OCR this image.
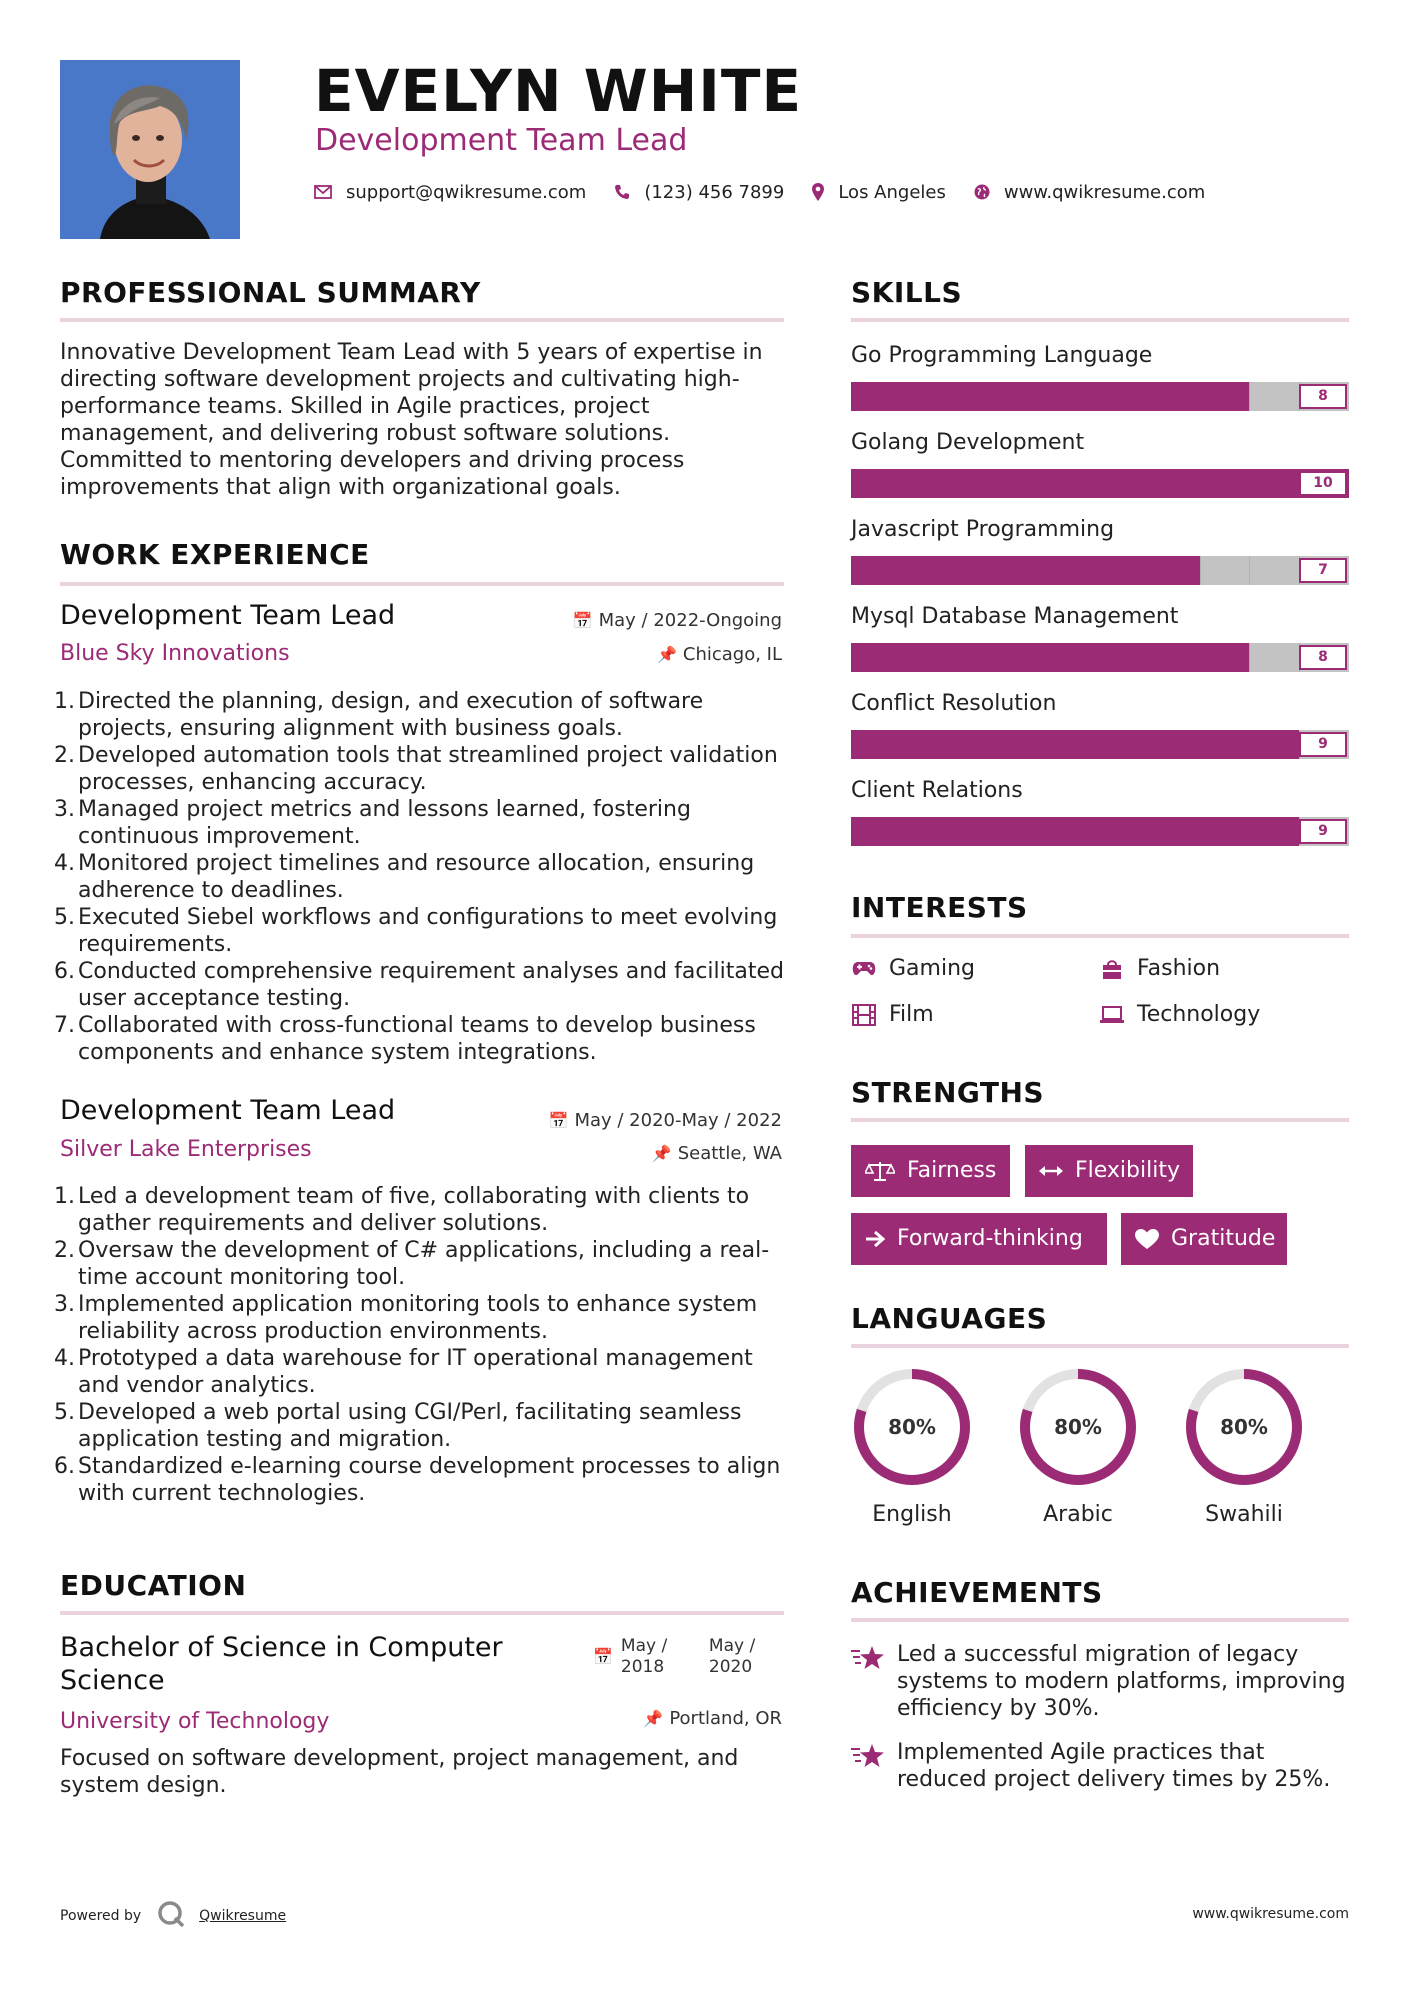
EVELYN WHITE
Development Team Lead
support@qwikresume.com	(123) 456 7899	Los Angeles	www.qwikresume.com
PROFESSIONAL SUMMARY
Innovative Development Team Lead with 5 years of expertise in directing software development projects and cultivating high-performance teams. Skilled in Agile practices, project management, and delivering robust software solutions. Committed to mentoring developers and driving process improvements that align with organizational goals.
WORK EXPERIENCE
Development Team Lead	📅 May / 2022-Ongoing
Blue Sky Innovations	📌 Chicago, IL
1. Directed the planning, design, and execution of software projects, ensuring alignment with business goals.
2. Developed automation tools that streamlined project validation processes, enhancing accuracy.
3. Managed project metrics and lessons learned, fostering continuous improvement.
4. Monitored project timelines and resource allocation, ensuring adherence to deadlines.
5. Executed Siebel workflows and configurations to meet evolving requirements.
6. Conducted comprehensive requirement analyses and facilitated user acceptance testing.
7. Collaborated with cross-functional teams to develop business components and enhance system integrations.
Development Team Lead	📅 May / 2020-May / 2022
Silver Lake Enterprises	📌 Seattle, WA
1. Led a development team of five, collaborating with clients to gather requirements and deliver solutions.
2. Oversaw the development of C# applications, including a real-time account monitoring tool.
3. Implemented application monitoring tools to enhance system reliability across production environments.
4. Prototyped a data warehouse for IT operational management and vendor analytics.
5. Developed a web portal using CGI/Perl, facilitating seamless application testing and migration.
6. Standardized e-learning course development processes to align with current technologies.
EDUCATION
Bachelor of Science in Computer Science
📅
May / 2018
May / 2020
University of Technology	📌 Portland, OR
Focused on software development, project management, and system design.
SKILLS
Go Programming Language
8
Golang Development
10
Javascript Programming
7
Mysql Database Management
8
Conflict Resolution
9
Client Relations
9
INTERESTS
Gaming	Fashion
Film	Technology
STRENGTHS
Fairness	Flexibility
Forward-thinking	Gratitude
LANGUAGES
80%
English
80%
Arabic
80%
Swahili
ACHIEVEMENTS
Led a successful migration of legacy systems to modern platforms, improving efficiency by 30%.
Implemented Agile practices that reduced project delivery times by 25%.
Powered by	Qwikresume	www.qwikresume.com
